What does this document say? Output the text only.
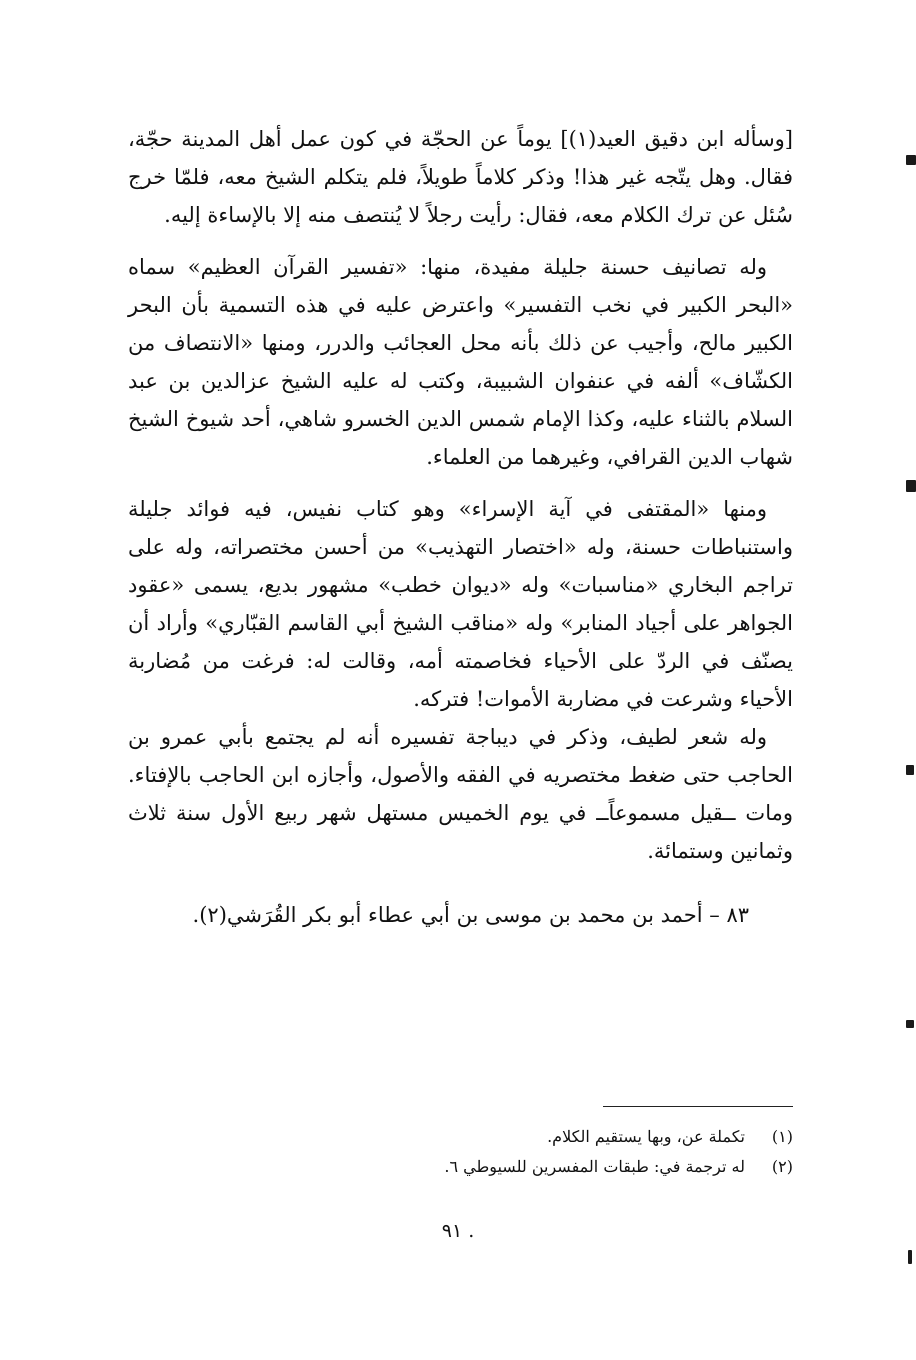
[وسأله ابن دقيق العيد(١)] يوماً عن الحجّة في كون عمل أهل المدينة حجّة، فقال. وهل يتّجه غير هذا! وذكر كلاماً طويلاً، فلم يتكلم الشيخ معه، فلمّا خرج سُئل عن ترك الكلام معه، فقال: رأيت رجلاً لا يُنتصف منه إلا بالإساءة إليه.

وله تصانيف حسنة جليلة مفيدة، منها: «تفسير القرآن العظيم» سماه «البحر الكبير في نخب التفسير» واعترض عليه في هذه التسمية بأن البحر الكبير مالح، وأجيب عن ذلك بأنه محل العجائب والدرر، ومنها «الانتصاف من الكشّاف» ألفه في عنفوان الشبيبة، وكتب له عليه الشيخ عزالدين بن عبد السلام بالثناء عليه، وكذا الإمام شمس الدين الخسرو شاهي، أحد شيوخ الشيخ شهاب الدين القرافي، وغيرهما من العلماء.

ومنها «المقتفى في آية الإسراء» وهو كتاب نفيس، فيه فوائد جليلة واستنباطات حسنة، وله «اختصار التهذيب» من أحسن مختصراته، وله على تراجم البخاري «مناسبات» وله «ديوان خطب» مشهور بديع، يسمى «عقود الجواهر على أجياد المنابر» وله «مناقب الشيخ أبي القاسم القبّاري» وأراد أن يصنّف في الردّ على الأحياء فخاصمته أمه، وقالت له: فرغت من مُضاربة الأحياء وشرعت في مضاربة الأموات! فتركه.

وله شعر لطيف، وذكر في ديباجة تفسيره أنه لم يجتمع بأبي عمرو بن الحاجب حتى ضغط مختصريه في الفقه والأصول، وأجازه ابن الحاجب بالإفتاء. ومات ــقيل مسموعاًــ في يوم الخميس مستهل شهر ربيع الأول سنة ثلاث وثمانين وستمائة.

٨٣ – أحمد بن محمد بن موسى بن أبي عطاء أبو بكر القُرَشي(٢).

(١)
تكملة عن، وبها يستقيم الكلام.

(٢)
له ترجمة في: طبقات المفسرين للسيوطي ٦.

. ٩١
